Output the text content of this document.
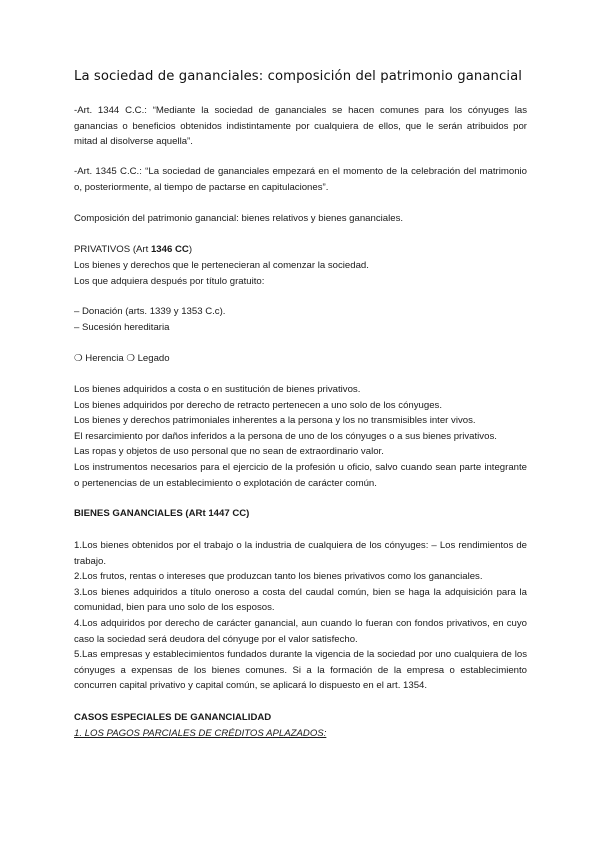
La sociedad de gananciales: composición del patrimonio ganancial
-Art. 1344 C.C.: “Mediante la sociedad de gananciales se hacen comunes para los cónyuges las ganancias o beneficios obtenidos indistintamente por cualquiera de ellos, que le serán atribuidos por mitad al disolverse aquella”.
-Art. 1345 C.C.: “La sociedad de gananciales empezará en el momento de la celebración del matrimonio o, posteriormente, al tiempo de pactarse en capitulaciones”.
Composición del patrimonio ganancial: bienes relativos y bienes gananciales.
PRIVATIVOS (Art 1346 CC)
Los bienes y derechos que le pertenecieran al comenzar la sociedad.
Los que adquiera después por título gratuito:
– Donación (arts. 1339 y 1353 C.c).
– Sucesión hereditaria
❍ Herencia ❍ Legado
Los bienes adquiridos a costa o en sustitución de bienes privativos.
Los bienes adquiridos por derecho de retracto pertenecen a uno solo de los cónyuges.
Los bienes y derechos patrimoniales inherentes a la persona y los no transmisibles inter vivos.
El resarcimiento por daños inferidos a la persona de uno de los cónyuges o a sus bienes privativos.
Las ropas y objetos de uso personal que no sean de extraordinario valor.
Los instrumentos necesarios para el ejercicio de la profesión u oficio, salvo cuando sean parte integrante o pertenencias de un establecimiento o explotación de carácter común.
BIENES GANANCIALES (ARt 1447 CC)
1.Los bienes obtenidos por el trabajo o la industria de cualquiera de los cónyuges: – Los rendimientos de trabajo.
2.Los frutos, rentas o intereses que produzcan tanto los bienes privativos como los gananciales.
3.Los bienes adquiridos a título oneroso a costa del caudal común, bien se haga la adquisición para la comunidad, bien para uno solo de los esposos.
4.Los adquiridos por derecho de carácter ganancial, aun cuando lo fueran con fondos privativos, en cuyo caso la sociedad será deudora del cónyuge por el valor satisfecho.
5.Las empresas y establecimientos fundados durante la vigencia de la sociedad por uno cualquiera de los cónyuges a expensas de los bienes comunes. Si a la formación de la empresa o establecimiento concurren capital privativo y capital común, se aplicará lo dispuesto en el art. 1354.
CASOS ESPECIALES DE GANANCIALIDAD
1. LOS PAGOS PARCIALES DE CRÉDITOS APLAZADOS:
